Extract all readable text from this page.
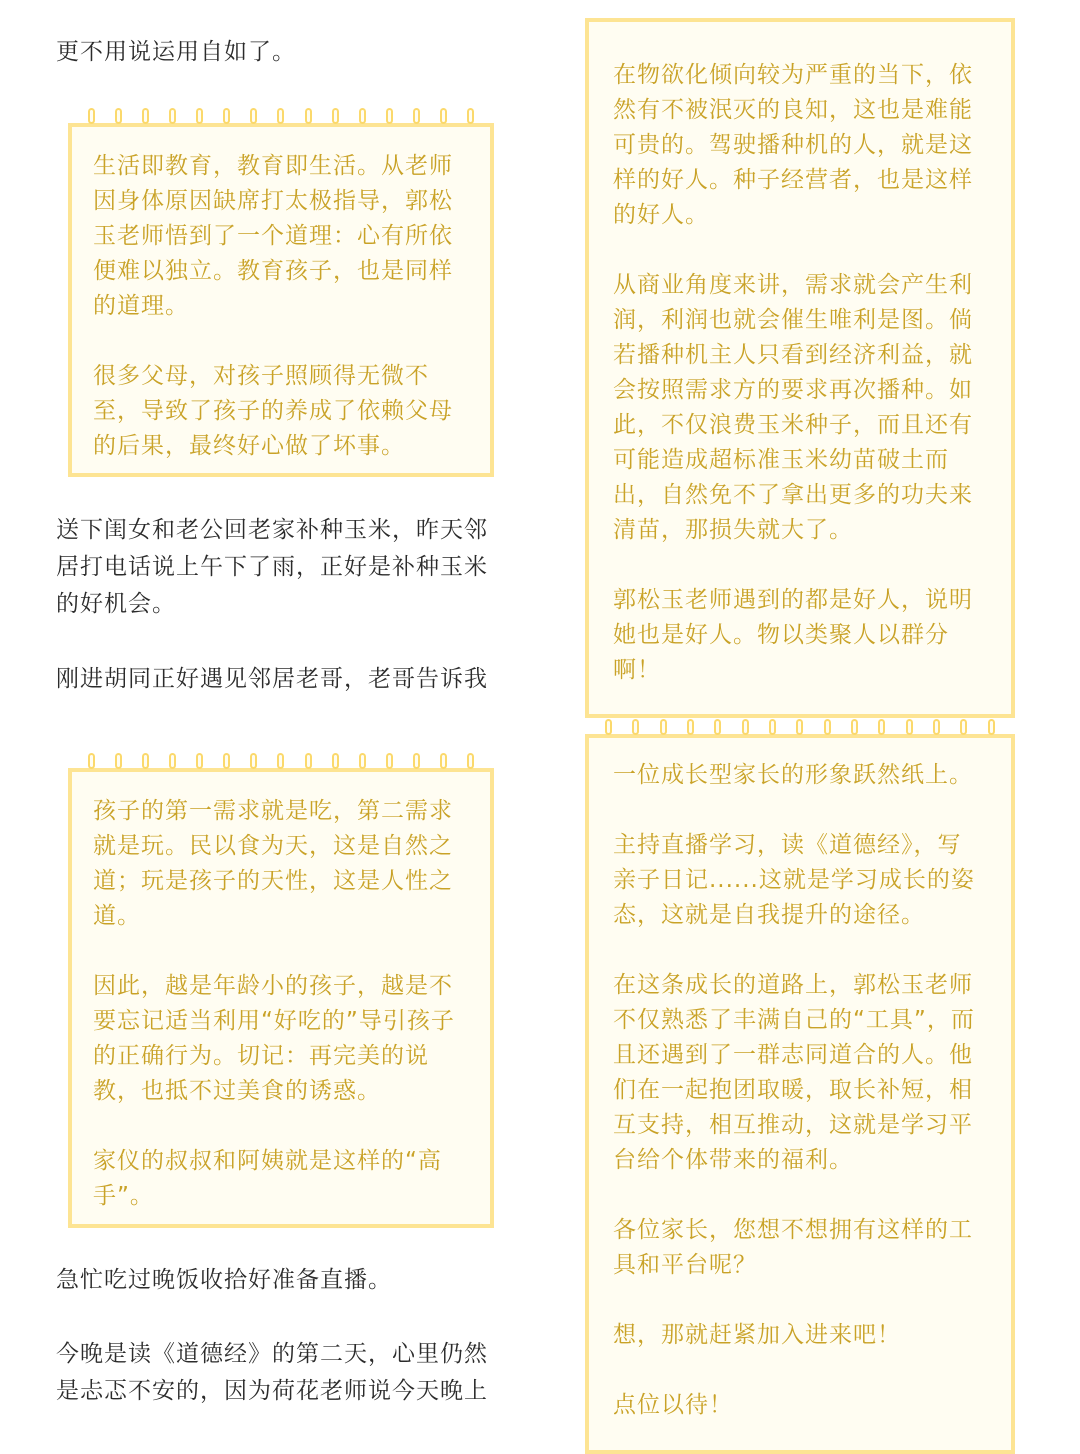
更不用说运用自如了。

生活即教育，教育即生活。从老师因身体原因缺席打太极指导，郭松玉老师悟到了一个道理：心有所依便难以独立。教育孩子，也是同样的道理。

很多父母，对孩子照顾得无微不至，导致了孩子的养成了依赖父母的后果，最终好心做了坏事。

送下闺女和老公回老家补种玉米，昨天邻居打电话说上午下了雨，正好是补种玉米的好机会。

刚进胡同正好遇见邻居老哥，老哥告诉我

孩子的第一需求就是吃，第二需求就是玩。民以食为天，这是自然之道；玩是孩子的天性，这是人性之道。

因此，越是年龄小的孩子，越是不要忘记适当利用“好吃的”导引孩子的正确行为。切记：再完美的说教，也抵不过美食的诱惑。

家仪的叔叔和阿姨就是这样的“高手”。

急忙吃过晚饭收拾好准备直播。

今晚是读《道德经》的第二天，心里仍然是忐忑不安的，因为荷花老师说今天晚上

在物欲化倾向较为严重的当下，依然有不被泯灭的良知，这也是难能可贵的。驾驶播种机的人，就是这样的好人。种子经营者，也是这样的好人。

从商业角度来讲，需求就会产生利润，利润也就会催生唯利是图。倘若播种机主人只看到经济利益，就会按照需求方的要求再次播种。如此，不仅浪费玉米种子，而且还有可能造成超标准玉米幼苗破土而出，自然免不了拿出更多的功夫来清苗，那损失就大了。

郭松玉老师遇到的都是好人，说明她也是好人。物以类聚人以群分啊！

一位成长型家长的形象跃然纸上。

主持直播学习，读《道德经》，写亲子日记......这就是学习成长的姿态，这就是自我提升的途径。

在这条成长的道路上，郭松玉老师不仅熟悉了丰满自己的“工具”，而且还遇到了一群志同道合的人。他们在一起抱团取暖，取长补短，相互支持，相互推动，这就是学习平台给个体带来的福利。

各位家长，您想不想拥有这样的工具和平台呢？

想，那就赶紧加入进来吧！

点位以待！
